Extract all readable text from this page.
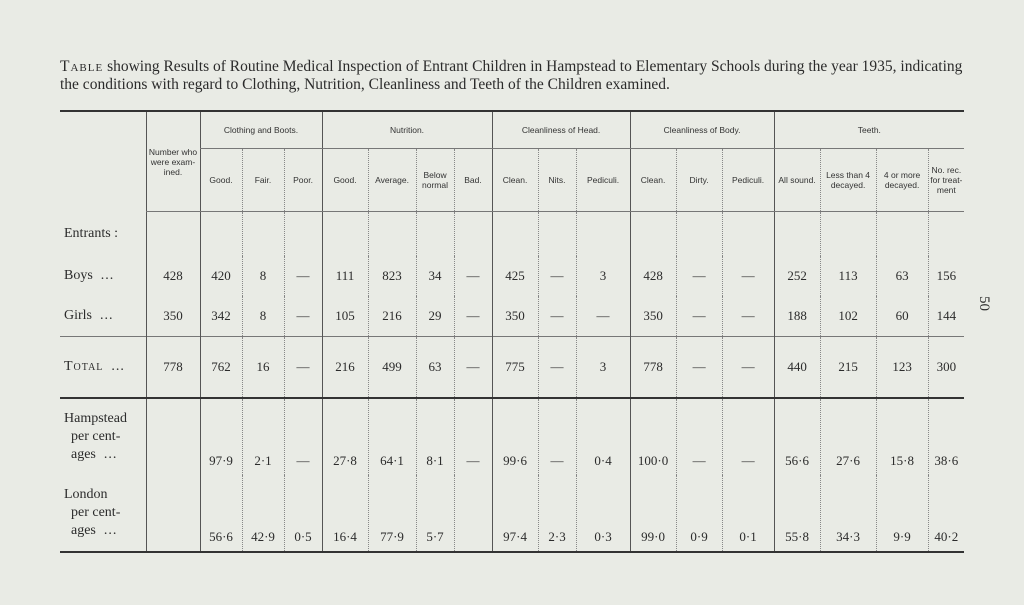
Table showing Results of Routine Medical Inspection of Entrant Children in Hampstead to Elementary Schools during the year 1935, indicating the conditions with regard to Clothing, Nutrition, Cleanliness and Teeth of the Children examined.
50
	Number who were exam-ined.	Clothing and Boots.			Nutrition.				Cleanliness of Head.			Cleanliness of Body.			Teeth.			
		Good.	Fair.	Poor.	Good.	Average.	Below normal	Bad.	Clean.	Nits.	Pediculi.	Clean.	Dirty.	Pediculi.	All sound.	Less than 4 decayed.	4 or more decayed.	No. rec. for treat-ment
Entrants :																		
Boys ...	428	420	8	—	111	823	34	—	425	—	3	428	—	—	252	113	63	156
Girls ...	350	342	8	—	105	216	29	—	350	—	—	350	—	—	188	102	60	144
Total ...	778	762	16	—	216	499	63	—	775	—	3	778	—	—	440	215	123	300
Hampstead
per cent-
ages ...		97·9	2·1	—	27·8	64·1	8·1	—	99·6	—	0·4	100·0	—	—	56·6	27·6	15·8	38·6
London
per cent-
ages ...		56·6	42·9	0·5	16·4	77·9	5·7		97·4	2·3	0·3	99·0	0·9	0·1	55·8	34·3	9·9	40·2
